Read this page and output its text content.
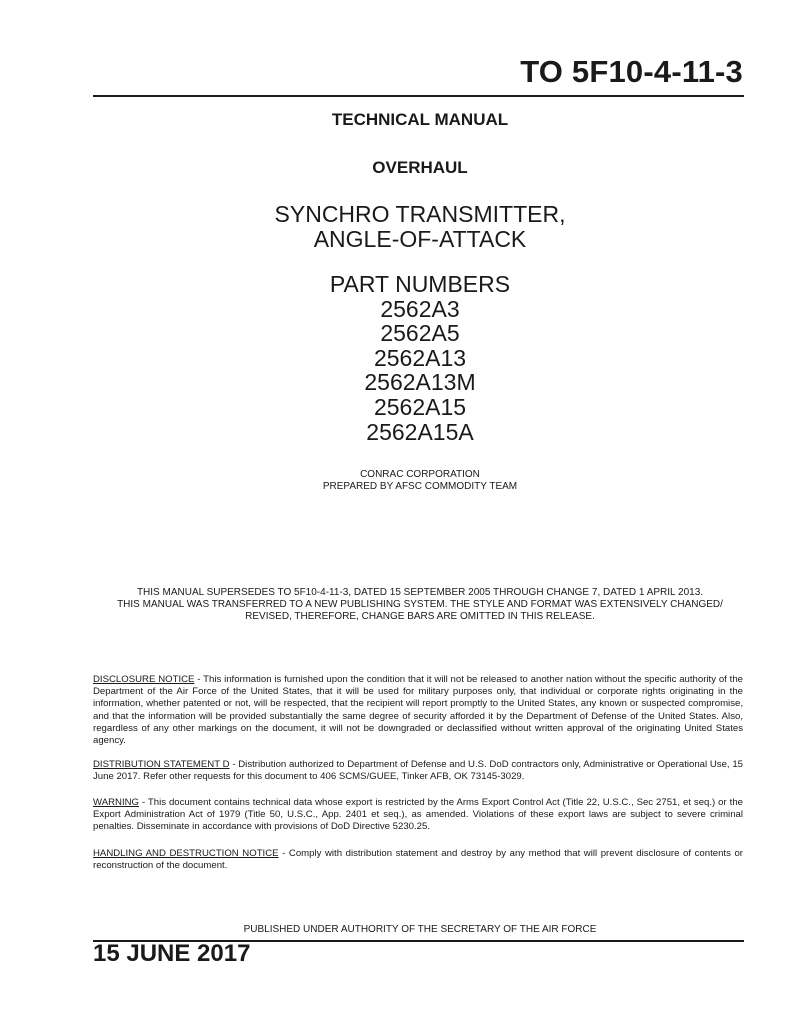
TO 5F10-4-11-3
TECHNICAL MANUAL
OVERHAUL
SYNCHRO TRANSMITTER,
ANGLE-OF-ATTACK
PART NUMBERS
2562A3
2562A5
2562A13
2562A13M
2562A15
2562A15A
CONRAC CORPORATION
PREPARED BY AFSC COMMODITY TEAM
THIS MANUAL SUPERSEDES TO 5F10-4-11-3, DATED 15 SEPTEMBER 2005 THROUGH CHANGE 7, DATED 1 APRIL 2013.
THIS MANUAL WAS TRANSFERRED TO A NEW PUBLISHING SYSTEM. THE STYLE AND FORMAT WAS EXTENSIVELY CHANGED/
REVISED, THEREFORE, CHANGE BARS ARE OMITTED IN THIS RELEASE.
DISCLOSURE NOTICE - This information is furnished upon the condition that it will not be released to another nation without the specific authority of the Department of the Air Force of the United States, that it will be used for military purposes only, that individual or corporate rights originating in the information, whether patented or not, will be respected, that the recipient will report promptly to the United States, any known or suspected compromise, and that the information will be provided substantially the same degree of security afforded it by the Department of Defense of the United States. Also, regardless of any other markings on the document, it will not be downgraded or declassified without written approval of the originating United States agency.
DISTRIBUTION STATEMENT D - Distribution authorized to Department of Defense and U.S. DoD contractors only, Administrative or Operational Use, 15 June 2017. Refer other requests for this document to 406 SCMS/GUEE, Tinker AFB, OK 73145-3029.
WARNING - This document contains technical data whose export is restricted by the Arms Export Control Act (Title 22, U.S.C., Sec 2751, et seq.) or the Export Administration Act of 1979 (Title 50, U.S.C., App. 2401 et seq.), as amended. Violations of these export laws are subject to severe criminal penalties. Disseminate in accordance with provisions of DoD Directive 5230.25.
HANDLING AND DESTRUCTION NOTICE - Comply with distribution statement and destroy by any method that will prevent disclosure of contents or reconstruction of the document.
PUBLISHED UNDER AUTHORITY OF THE SECRETARY OF THE AIR FORCE
15 JUNE 2017
